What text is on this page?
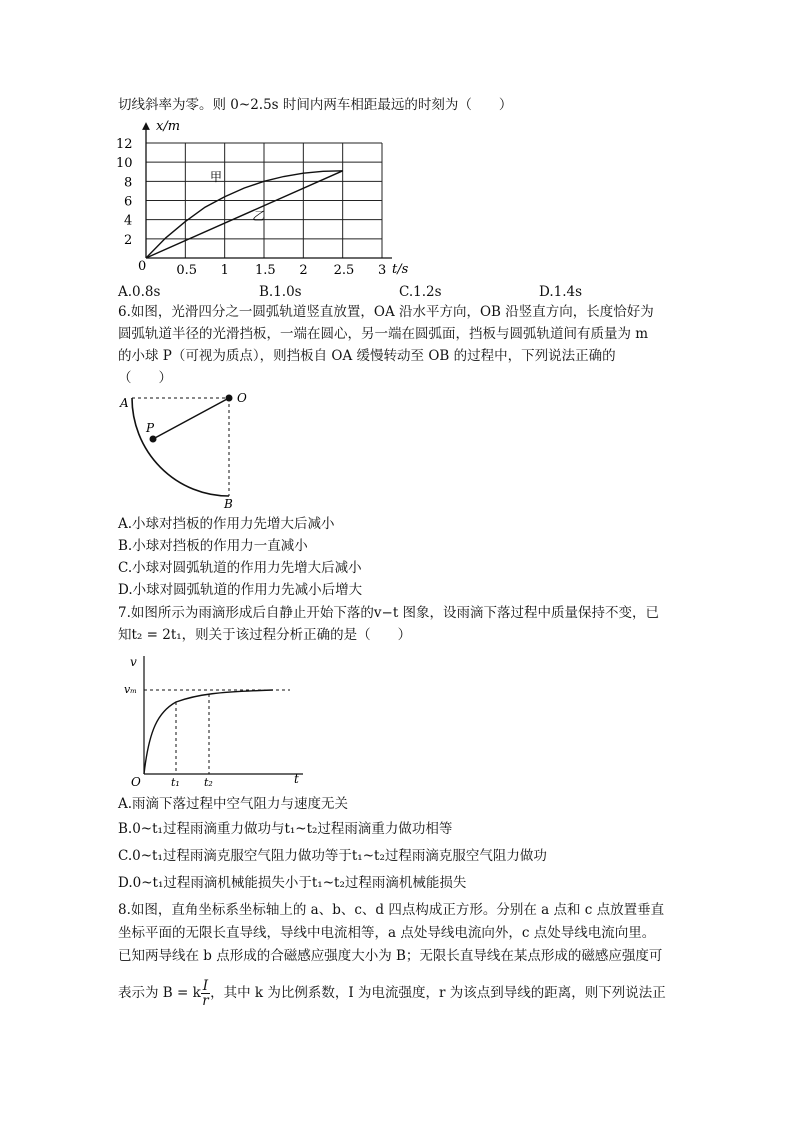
切线斜率为零。则 0~2.5s 时间内两车相距最远的时刻为（　　）
x/m
t/s
0 0.5 1 1.5 2 2.5 3
2
4
6
8
10
12
甲
乙
A.0.8s	B.1.0s	C.1.2s	D.1.4s
6.如图，光滑四分之一圆弧轨道竖直放置，OA 沿水平方向，OB 沿竖直方向，长度恰好为
圆弧轨道半径的光滑挡板，一端在圆心，另一端在圆弧面，挡板与圆弧轨道间有质量为 m
的小球 P（可视为质点），则挡板自 OA 缓慢转动至 OB 的过程中，下列说法正确的
（　　）
A	O
P
B
A.小球对挡板的作用力先增大后减小
B.小球对挡板的作用力一直减小
C.小球对圆弧轨道的作用力先增大后减小
D.小球对圆弧轨道的作用力先减小后增大
7.如图所示为雨滴形成后自静止开始下落的v−t 图象，设雨滴下落过程中质量保持不变，已
知t₂ = 2t₁，则关于该过程分析正确的是（　　）
v
vₘ
O	t₁ t₂	t
A.雨滴下落过程中空气阻力与速度无关
B.0~t₁过程雨滴重力做功与t₁~t₂过程雨滴重力做功相等
C.0~t₁过程雨滴克服空气阻力做功等于t₁~t₂过程雨滴克服空气阻力做功
D.0~t₁过程雨滴机械能损失小于t₁~t₂过程雨滴机械能损失
8.如图，直角坐标系坐标轴上的 a、b、c、d 四点构成正方形。分别在 a 点和 c 点放置垂直
坐标平面的无限长直导线，导线中电流相等，a 点处导线电流向外，c 点处导线电流向里。
已知两导线在 b 点形成的合磁感应强度大小为 B；无限长直导线在某点形成的磁感应强度可
表示为 B = k $\frac{I}{r}$ ，其中 k 为比例系数，I 为电流强度，r 为该点到导线的距离，则下列说法正
